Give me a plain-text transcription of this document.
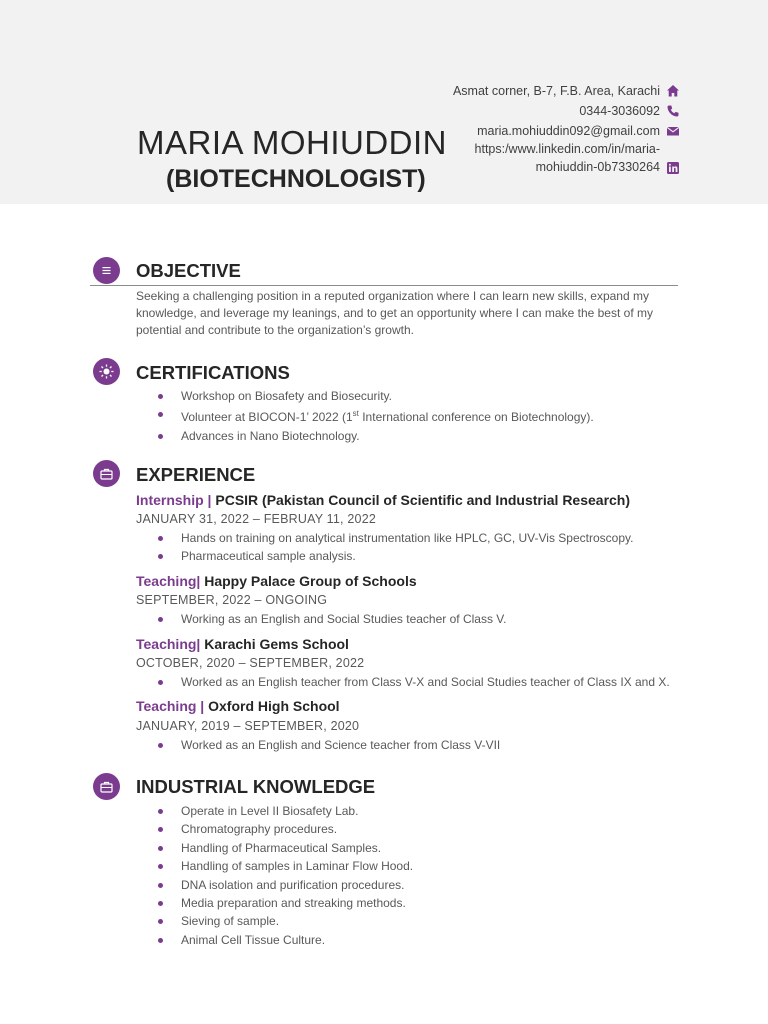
MARIA MOHIUDDIN
(BIOTECHNOLOGIST)
Asmat corner, B-7, F.B. Area, Karachi
0344-3036092
maria.mohiuddin092@gmail.com
https:/www.linkedin.com/in/maria-mohiuddin-0b7330264
OBJECTIVE
Seeking a challenging position in a reputed organization where I can learn new skills, expand my knowledge, and leverage my leanings, and to get an opportunity where I can make the best of my potential and contribute to the organization’s growth.
CERTIFICATIONS
Workshop on Biosafety and Biosecurity.
Volunteer at BIOCON-1’ 2022 (1st International conference on Biotechnology).
Advances in Nano Biotechnology.
EXPERIENCE
Internship | PCSIR (Pakistan Council of Scientific and Industrial Research)
JANUARY 31, 2022 – FEBRUAY 11, 2022
Hands on training on analytical instrumentation like HPLC, GC, UV-Vis Spectroscopy.
Pharmaceutical sample analysis.
Teaching| Happy Palace Group of Schools
SEPTEMBER, 2022 – ONGOING
Working as an English and Social Studies teacher of Class V.
Teaching| Karachi Gems School
OCTOBER, 2020 – SEPTEMBER, 2022
Worked as an English teacher from Class V-X and Social Studies teacher of Class IX and X.
Teaching | Oxford High School
JANUARY, 2019 – SEPTEMBER, 2020
Worked as an English and Science teacher from Class V-VII
INDUSTRIAL KNOWLEDGE
Operate in Level II Biosafety Lab.
Chromatography procedures.
Handling of Pharmaceutical Samples.
Handling of samples in Laminar Flow Hood.
DNA isolation and purification procedures.
Media preparation and streaking methods.
Sieving of sample.
Animal Cell Tissue Culture.
